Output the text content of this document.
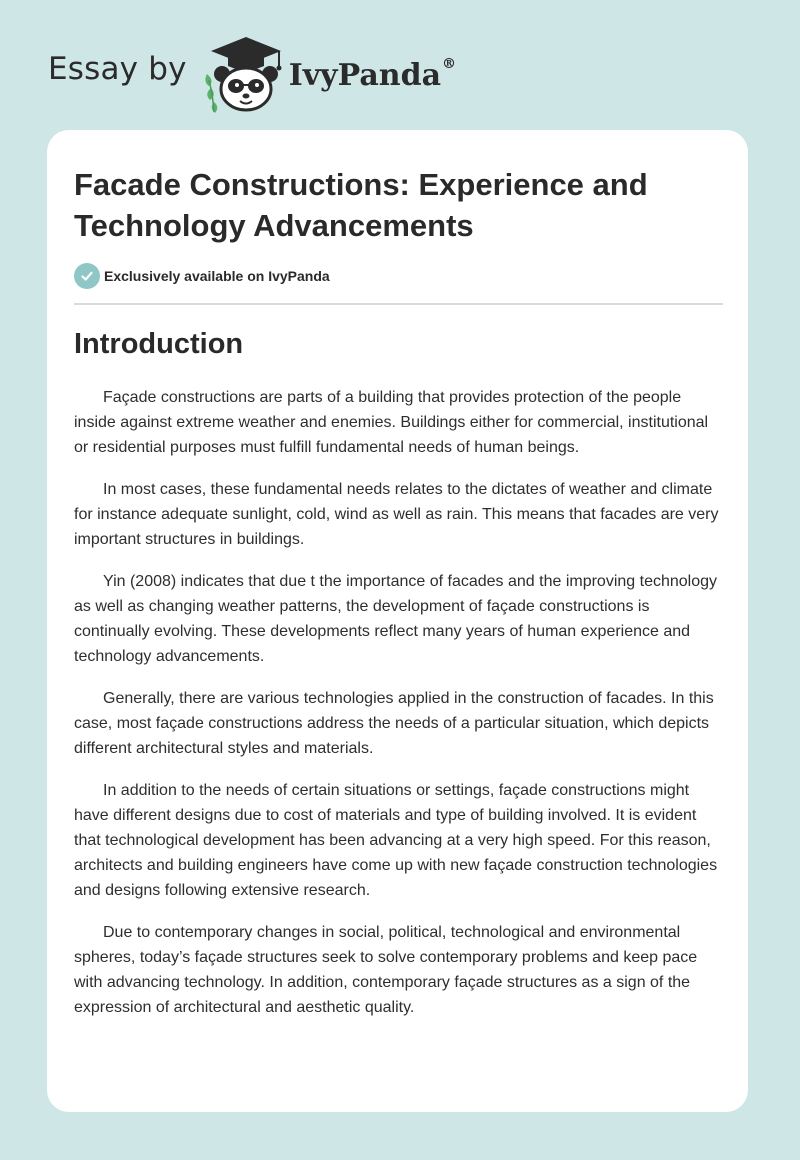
Essay by	IvyPanda®
Facade Constructions: Experience and Technology Advancements
Exclusively available on IvyPanda
Introduction

Façade constructions are parts of a building that provides protection of the people inside against extreme weather and enemies. Buildings either for commercial, institutional or residential purposes must fulfill fundamental needs of human beings.

In most cases, these fundamental needs relates to the dictates of weather and climate for instance adequate sunlight, cold, wind as well as rain. This means that facades are very important structures in buildings.

Yin (2008) indicates that due t the importance of facades and the improving technology as well as changing weather patterns, the development of façade constructions is continually evolving. These developments reflect many years of human experience and technology advancements.

Generally, there are various technologies applied in the construction of facades. In this case, most façade constructions address the needs of a particular situation, which depicts different architectural styles and materials.

In addition to the needs of certain situations or settings, façade constructions might have different designs due to cost of materials and type of building involved. It is evident that technological development has been advancing at a very high speed. For this reason, architects and building engineers have come up with new façade construction technologies and designs following extensive research.

Due to contemporary changes in social, political, technological and environmental spheres, today’s façade structures seek to solve contemporary problems and keep pace with advancing technology. In addition, contemporary façade structures as a sign of the expression of architectural and aesthetic quality.
